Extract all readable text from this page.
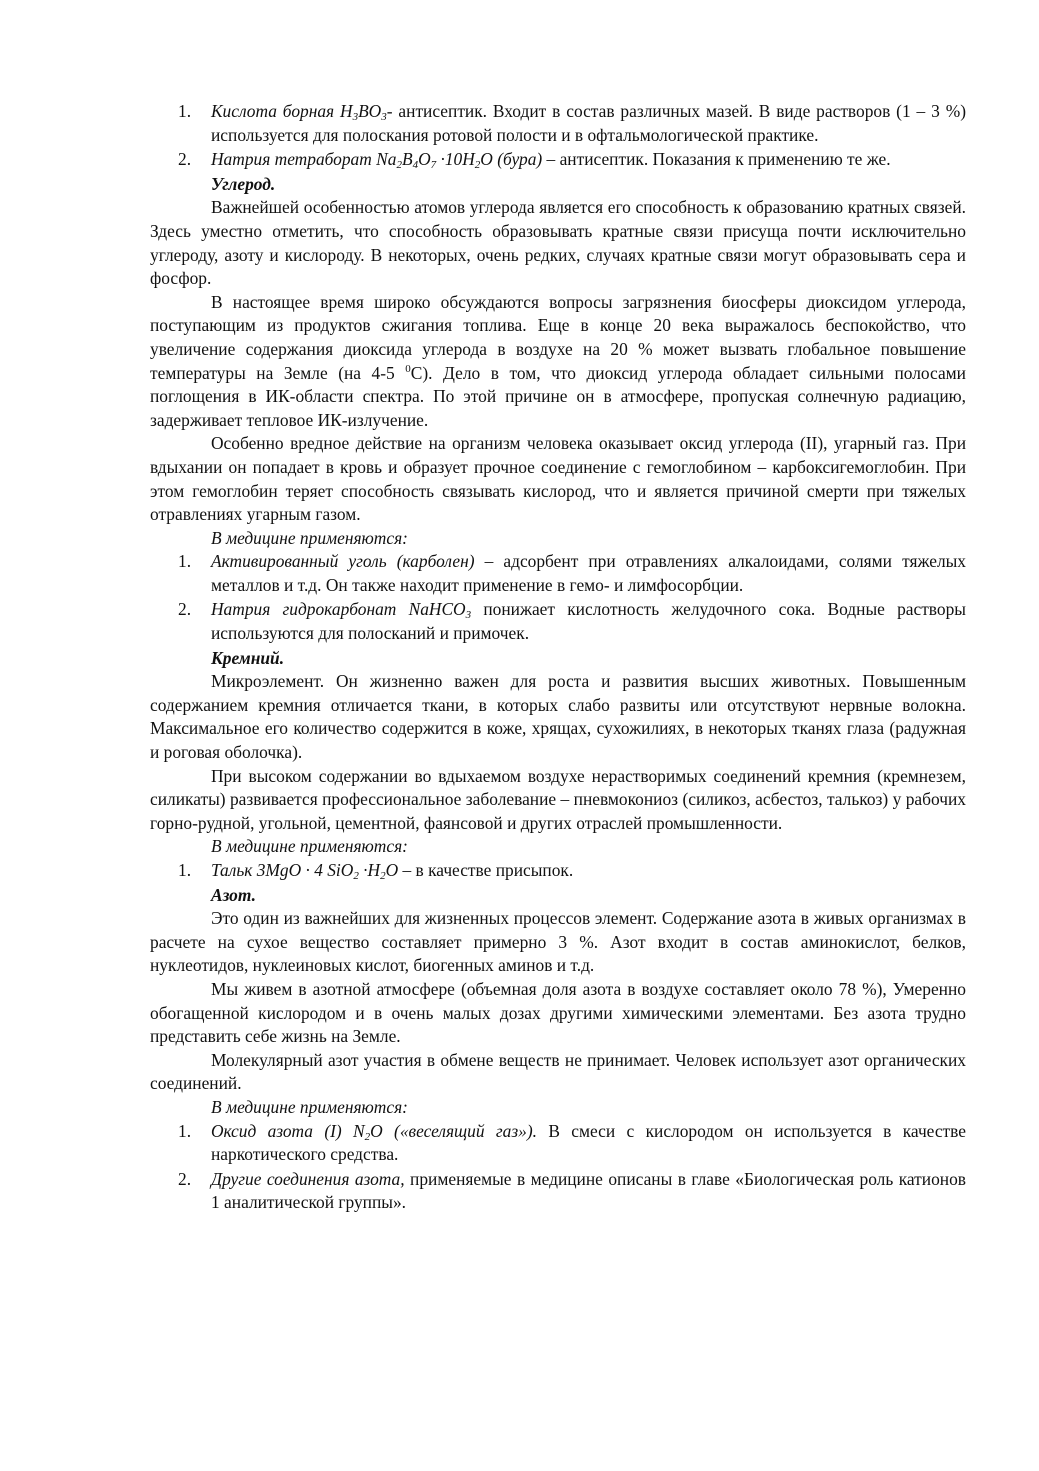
1. Кислота борная $H_3BO_3-$ антисептик. Входит в состав различных мазей. В виде растворов (1 – 3 %) используется для полоскания ротовой полости и в офтальмологической практике.
2. Натрия тетраборат $Na_2B_4O_7 \cdot 10H_2O$ (бура) – антисептик. Показания к применению те же.

Углерод.

Важнейшей особенностью атомов углерода является его способность к образованию кратных связей. Здесь уместно отметить, что способность образовывать кратные связи присуща почти исключительно углероду, азоту и кислороду. В некоторых, очень редких, случаях кратные связи могут образовывать сера и фосфор.

В настоящее время широко обсуждаются вопросы загрязнения биосферы диоксидом углерода, поступающим из продуктов сжигания топлива. Еще в конце 20 века выражалось беспокойство, что увеличение содержания диоксида углерода в воздухе на 20 % может вызвать глобальное повышение температуры на Земле (на 4-5 $^0$С). Дело в том, что диоксид углерода обладает сильными полосами поглощения в ИК-области спектра. По этой причине он в атмосфере, пропуская солнечную радиацию, задерживает тепловое ИК-излучение.

Особенно вредное действие на организм человека оказывает оксид углерода (II), угарный газ. При вдыхании он попадает в кровь и образует прочное соединение с гемоглобином – карбоксигемоглобин. При этом гемоглобин теряет способность связывать кислород, что и является причиной смерти при тяжелых отравлениях угарным газом.

В медицине применяются:

1. Активированный уголь (карболен) – адсорбент при отравлениях алкалоидами, солями тяжелых металлов и т.д. Он также находит применение в гемо- и лимфосорбции.
2. Натрия гидрокарбонат NaHCO$_3$ понижает кислотность желудочного сока. Водные растворы используются для полосканий и примочек.

Кремний.

Микроэлемент. Он жизненно важен для роста и развития высших животных. Повышенным содержанием кремния отличается ткани, в которых слабо развиты или отсутствуют нервные волокна. Максимальное его количество содержится в коже, хрящах, сухожилиях, в некоторых тканях глаза (радужная и роговая оболочка).

При высоком содержании во вдыхаемом воздухе нерастворимых соединений кремния (кремнезем, силикаты) развивается профессиональное заболевание – пневмокониоз (силикоз, асбестоз, талькоз) у рабочих горно-рудной, угольной, цементной, фаянсовой и других отраслей промышленности.

В медицине применяются:

1. Тальк 3MgO · 4 $SiO_2 \cdot H_2O - в$ качестве присыпок.

Азот.

Это один из важнейших для жизненных процессов элемент. Содержание азота в живых организмах в расчете на сухое вещество составляет примерно 3 %. Азот входит в состав аминокислот, белков, нуклеотидов, нуклеиновых кислот, биогенных аминов и т.д.

Мы живем в азотной атмосфере (объемная доля азота в воздухе составляет около 78 %), Умеренно обогащенной кислородом и в очень малых дозах другими химическими элементами. Без азота трудно представить себе жизнь на Земле.

Молекулярный азот участия в обмене веществ не принимает. Человек использует азот органических соединений.

В медицине применяются:

1. Оксид азота (I) $N_2O$ («веселящий газ»). В смеси с кислородом он используется в качестве наркотического средства.
2. Другие соединения азота, применяемые в медицине описаны в главе «Биологическая роль катионов 1 аналитической группы».
